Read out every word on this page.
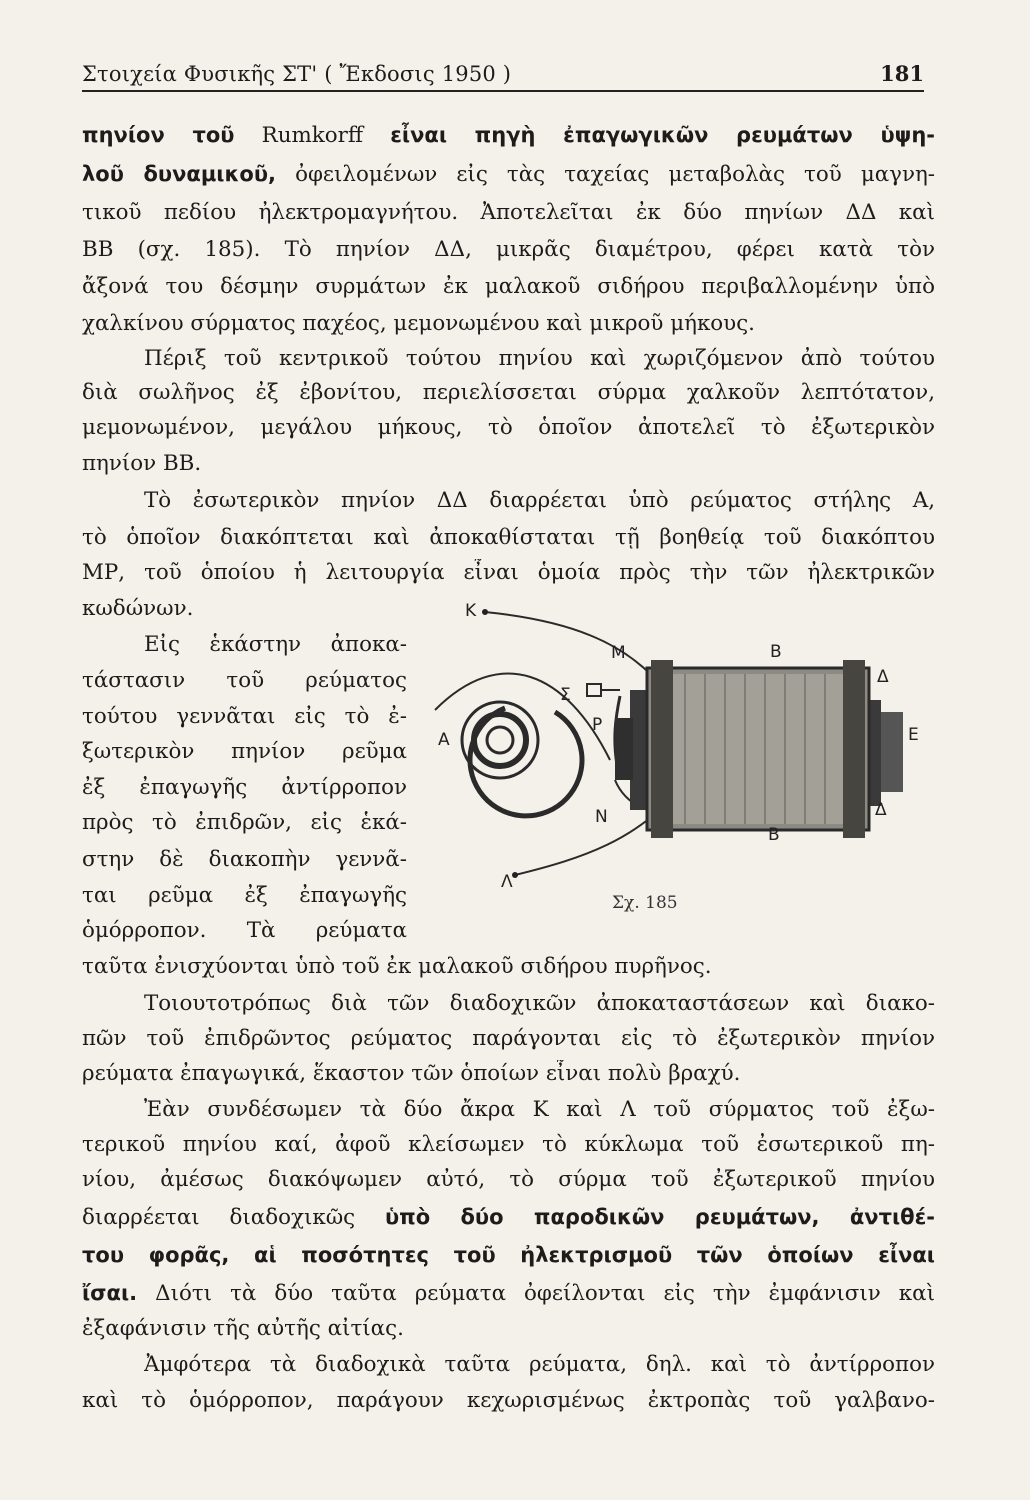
Στοιχεία Φυσικῆς ΣΤ' ( Ἔκδοσις 1950 )	181
πηνίον τοῦ Rumkorff εἶναι πηγὴ ἐπαγωγικῶν ρευμάτων ὑψη-
λοῦ δυναμικοῦ, ὀφειλομένων εἰς τὰς ταχείας μεταβολὰς τοῦ μαγνη-
τικοῦ πεδίου ἠλεκτρομαγνήτου. Ἀποτελεῖται ἐκ δύο πηνίων ΔΔ καὶ
ΒΒ (σχ. 185). Τὸ πηνίον ΔΔ, μικρᾶς διαμέτρου, φέρει κατὰ τὸν
ἄξονά του δέσμην συρμάτων ἐκ μαλακοῦ σιδήρου περιβαλλομένην ὑπὸ
χαλκίνου σύρματος παχέος, μεμονωμένου καὶ μικροῦ μήκους.
Πέριξ τοῦ κεντρικοῦ τούτου πηνίου καὶ χωριζόμενον ἀπὸ τούτου
διὰ σωλῆνος ἐξ ἐβονίτου, περιελίσσεται σύρμα χαλκοῦν λεπτότατον,
μεμονωμένον, μεγάλου μήκους, τὸ ὁποῖον ἀποτελεῖ τὸ ἐξωτερικὸν
πηνίον ΒΒ.
Τὸ ἐσωτερικὸν πηνίον ΔΔ διαρρέεται ὑπὸ ρεύματος στήλης Α,
τὸ ὁποῖον διακόπτεται καὶ ἀποκαθίσταται τῇ βοηθείᾳ τοῦ διακόπτου
ΜΡ, τοῦ ὁποίου ἡ λειτουργία εἶναι ὁμοία πρὸς τὴν τῶν ἠλεκτρικῶν
κωδώνων.
Εἰς ἑκάστην ἀποκα-
τάστασιν τοῦ ρεύματος
τούτου γεννᾶται εἰς τὸ ἐ-
ξωτερικὸν πηνίον ρεῦμα
ἐξ ἐπαγωγῆς ἀντίρροπον
πρὸς τὸ ἐπιδρῶν, εἰς ἑκά-
στην δὲ διακοπὴν γεννᾶ-
ται ρεῦμα ἐξ ἐπαγωγῆς
ὁμόρροπον. Τὰ ρεύματα
ταῦτα ἐνισχύονται ὑπὸ τοῦ ἐκ μαλακοῦ σιδήρου πυρῆνος.
Τοιουτοτρόπως διὰ τῶν διαδοχικῶν ἀποκαταστάσεων καὶ διακο-
πῶν τοῦ ἐπιδρῶντος ρεύματος παράγονται εἰς τὸ ἐξωτερικὸν πηνίον
ρεύματα ἐπαγωγικά, ἕκαστον τῶν ὁποίων εἶναι πολὺ βραχύ.
Ἐὰν συνδέσωμεν τὰ δύο ἄκρα Κ καὶ Λ τοῦ σύρματος τοῦ ἐξω-
τερικοῦ πηνίου καί, ἀφοῦ κλείσωμεν τὸ κύκλωμα τοῦ ἐσωτερικοῦ πη-
νίου, ἀμέσως διακόψωμεν αὐτό, τὸ σύρμα τοῦ ἐξωτερικοῦ πηνίου
διαρρέεται διαδοχικῶς ὑπὸ δύο παροδικῶν ρευμάτων, ἀντιθέ-
του φορᾶς, αἱ ποσότητες τοῦ ἠλεκτρισμοῦ τῶν ὁποίων εἶναι
ἴσαι. Διότι τὰ δύο ταῦτα ρεύματα ὀφείλονται εἰς τὴν ἐμφάνισιν καὶ
ἐξαφάνισιν τῆς αὐτῆς αἰτίας.
Ἀμφότερα τὰ διαδοχικὰ ταῦτα ρεύματα, δηλ. καὶ τὸ ἀντίρροπον
καὶ τὸ ὁμόρροπον, παράγουν κεχωρισμένως ἐκτροπὰς τοῦ γαλβανο-
K
M	B
Δ
Σ
P
A	E
N	Δ
B
Λ
Σχ. 185
